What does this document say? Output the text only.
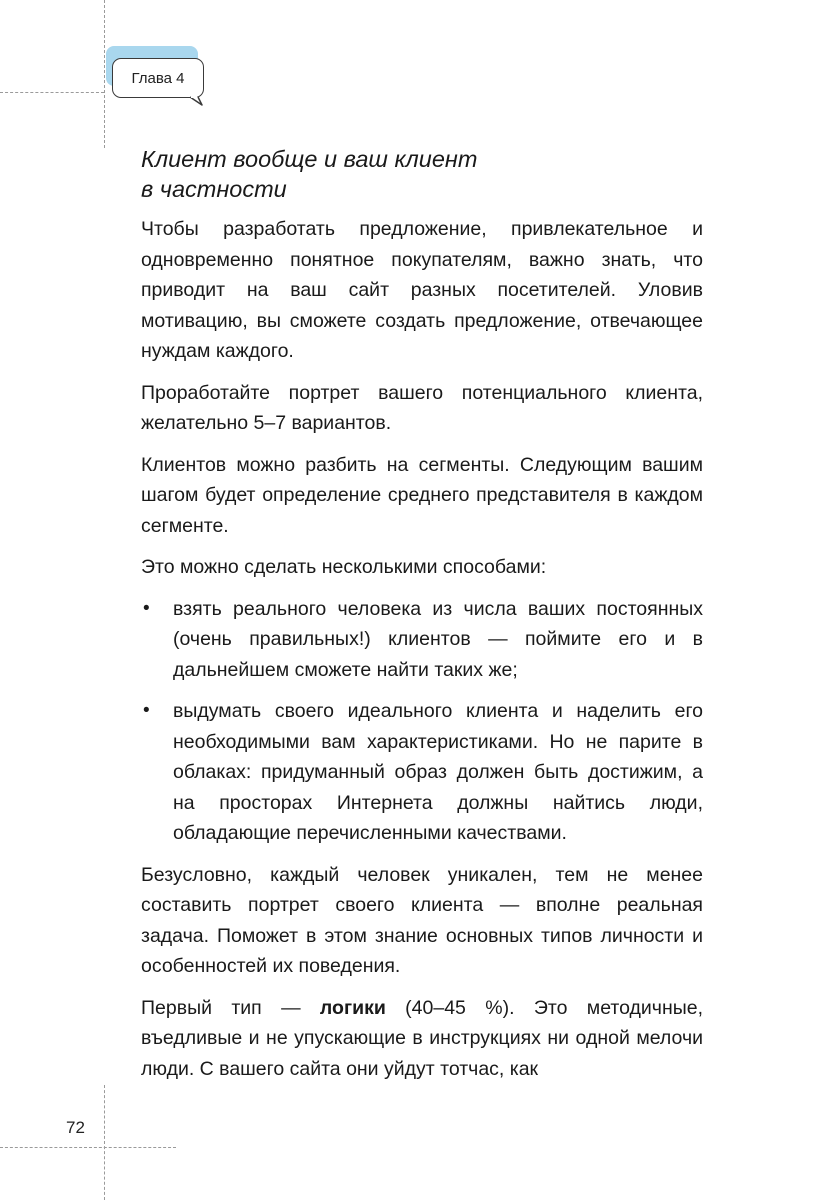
Глава 4
Клиент вообще и ваш клиент
в частности

Чтобы разработать предложение, привлекательное и одновременно понятное покупателям, важно знать, что приводит на ваш сайт разных посетителей. Уловив мотивацию, вы сможете создать предложение, отвечающее нуждам каждого.

Проработайте портрет вашего потенциального клиента, желательно 5–7 вариантов.

Клиентов можно разбить на сегменты. Следующим вашим шагом будет определение среднего представителя в каждом сегменте.

Это можно сделать несколькими способами:

• взять реального человека из числа ваших постоянных (очень правильных!) клиентов — поймите его и в дальнейшем сможете найти таких же;
• выдумать своего идеального клиента и наделить его необходимыми вам характеристиками. Но не парите в облаках: придуманный образ должен быть достижим, а на просторах Интернета должны найтись люди, обладающие перечисленными качествами.

Безусловно, каждый человек уникален, тем не менее составить портрет своего клиента — вполне реальная задача. Поможет в этом знание основных типов личности и особенностей их поведения.

Первый тип — логики (40–45 %). Это методичные, въедливые и не упускающие в инструкциях ни одной мелочи люди. С вашего сайта они уйдут тотчас, как

72
